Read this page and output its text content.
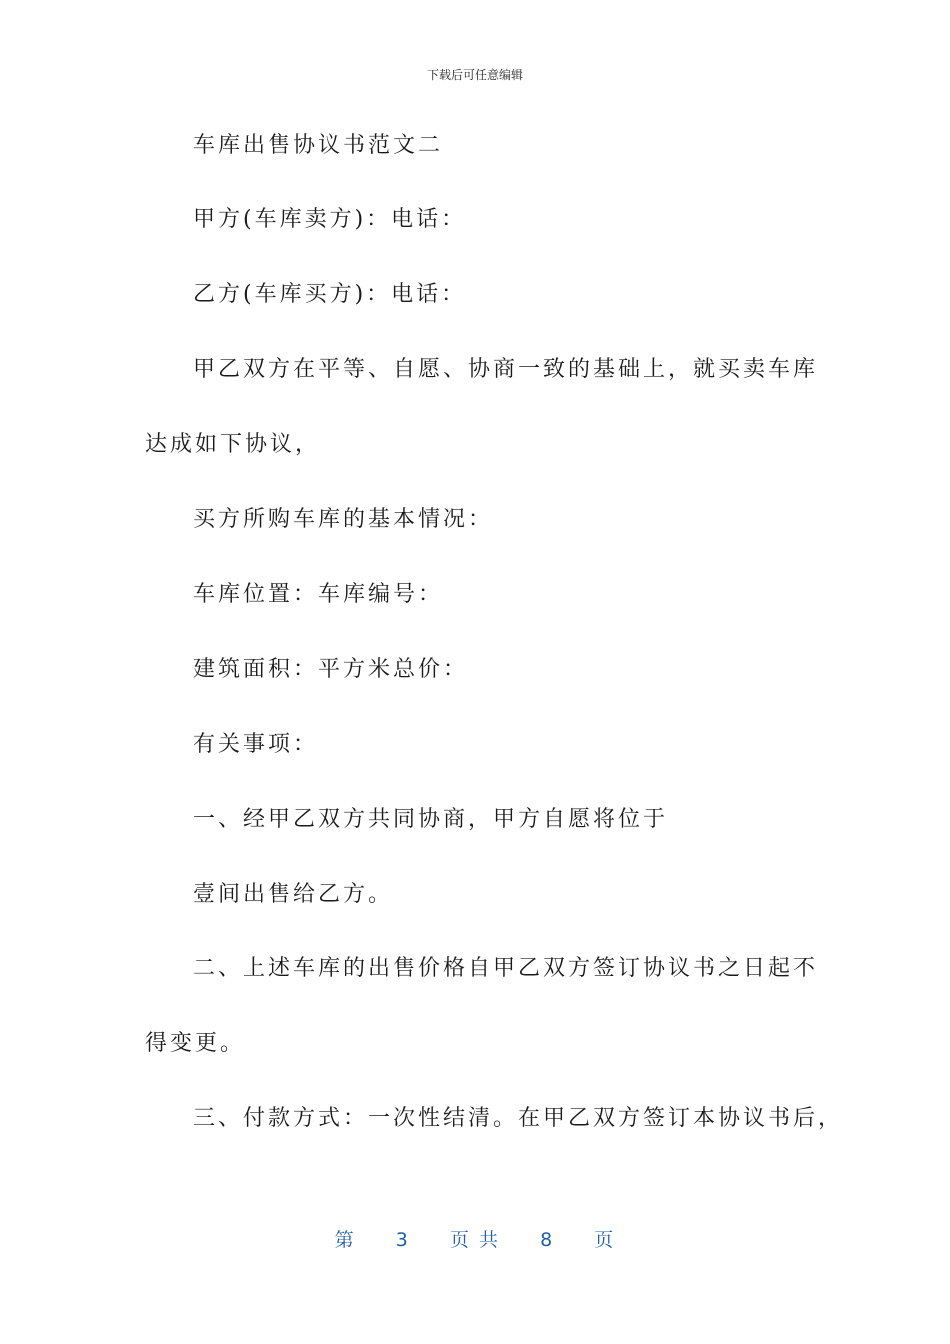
下载后可任意编辑
车库出售协议书范文二
甲方(车库卖方)：电话：
乙方(车库买方)：电话：
甲乙双方在平等、自愿、协商一致的基础上，就买卖车库
达成如下协议，
买方所购车库的基本情况：
车库位置：车库编号：
建筑面积：平方米总价：
有关事项：
一、经甲乙双方共同协商，甲方自愿将位于
壹间出售给乙方。
二、上述车库的出售价格自甲乙双方签订协议书之日起不
得变更。
三、付款方式：一次性结清。在甲乙双方签订本协议书后，
第 3 页 共 8 页
